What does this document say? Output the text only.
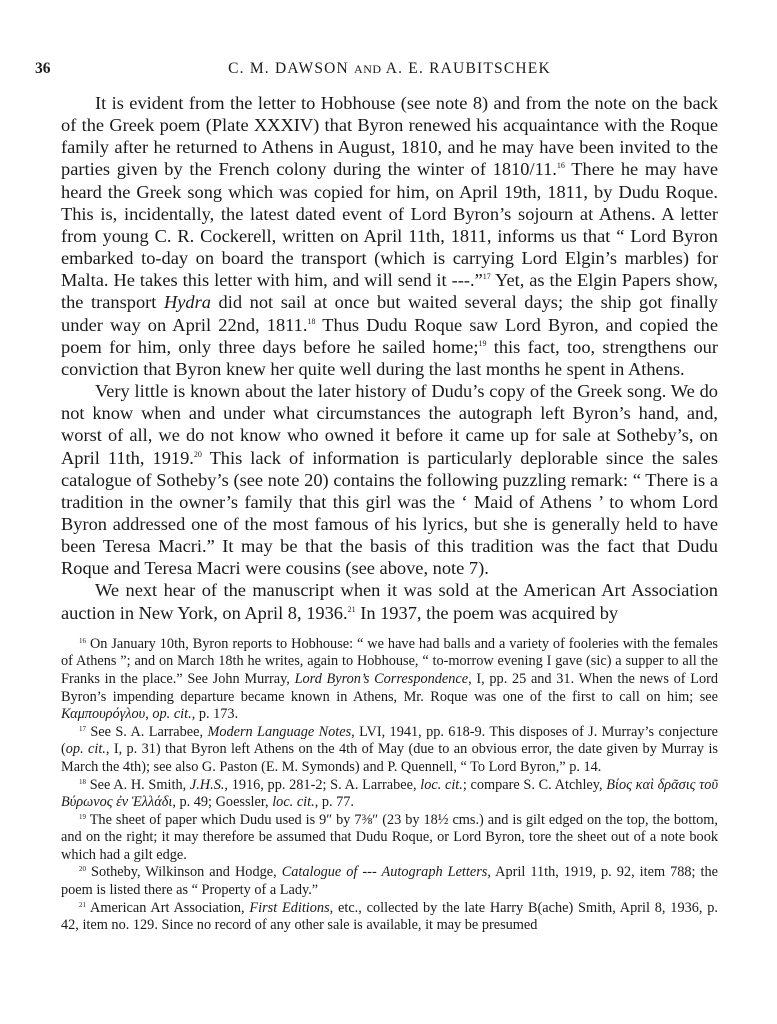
36	C. M. DAWSON AND A. E. RAUBITSCHEK

It is evident from the letter to Hobhouse (see note 8) and from the note on the back of the Greek poem (Plate XXXIV) that Byron renewed his acquaintance with the Roque family after he returned to Athens in August, 1810, and he may have been invited to the parties given by the French colony during the winter of 1810/11.16 There he may have heard the Greek song which was copied for him, on April 19th, 1811, by Dudu Roque. This is, incidentally, the latest dated event of Lord Byron’s sojourn at Athens. A letter from young C. R. Cockerell, written on April 11th, 1811, informs us that “ Lord Byron embarked to-day on board the transport (which is carrying Lord Elgin’s marbles) for Malta. He takes this letter with him, and will send it ---.”$^{17}$ Yet, as the Elgin Papers show, the transport Hydra did not sail at once but waited several days; the ship got finally under way on April 22nd, 1811.18 Thus Dudu Roque saw Lord Byron, and copied the poem for him, only three days before he sailed home;$^{19}$ this fact, too, strengthens our conviction that Byron knew her quite well during the last months he spent in Athens.

Very little is known about the later history of Dudu’s copy of the Greek song. We do not know when and under what circumstances the autograph left Byron’s hand, and, worst of all, we do not know who owned it before it came up for sale at Sotheby’s, on April 11th, 1919.20 This lack of information is particularly deplorable since the sales catalogue of Sotheby’s (see note 20) contains the following puzzling remark: “ There is a tradition in the owner’s family that this girl was the ‘ Maid of Athens ’ to whom Lord Byron addressed one of the most famous of his lyrics, but she is generally held to have been Teresa Macri.” It may be that the basis of this tradition was the fact that Dudu Roque and Teresa Macri were cousins (see above, note 7).

We next hear of the manuscript when it was sold at the American Art Association auction in New York, on April 8, 1936.21 In 1937, the poem was acquired by

$^{16}$ On January 10th, Byron reports to Hobhouse: “ we have had balls and a variety of fooleries with the females of Athens ”; and on March 18th he writes, again to Hobhouse, “ to-morrow evening I gave (sic) a supper to all the Franks in the place.” See John Murray, Lord Byron’s Correspondence, I, pp. 25 and 31. When the news of Lord Byron’s impending departure became known in Athens, Mr. Roque was one of the first to call on him; see Καμπουρόγλου, op. cit., p. 173.

$^{17}$ See S. A. Larrabee, Modern Language Notes, LVI, 1941, pp. 618-9. This disposes of J. Murray’s conjecture (op. cit., I, p. 31) that Byron left Athens on the 4th of May (due to an obvious error, the date given by Murray is March the 4th); see also G. Paston (E. M. Symonds) and P. Quennell, “ To Lord Byron,” p. 14.

$^{18}$ See A. H. Smith, J.H.S., 1916, pp. 281-2; S. A. Larrabee, loc. cit.; compare S. C. Atchley, Βίος καὶ δρᾶσις τοῦ Βύρωνος ἐν Ἑλλάδι, p. 49; Goessler, loc. cit., p. 77.

$^{19}$ The sheet of paper which Dudu used is 9″ by 7⅜″ (23 by 18½ cms.) and is gilt edged on the top, the bottom, and on the right; it may therefore be assumed that Dudu Roque, or Lord Byron, tore the sheet out of a note book which had a gilt edge.

$^{20}$ Sotheby, Wilkinson and Hodge, Catalogue of --- Autograph Letters, April 11th, 1919, p. 92, item 788; the poem is listed there as “ Property of a Lady.”

$^{21}$ American Art Association, First Editions, etc., collected by the late Harry B(ache) Smith, April 8, 1936, p. 42, item no. 129. Since no record of any other sale is available, it may be presumed
